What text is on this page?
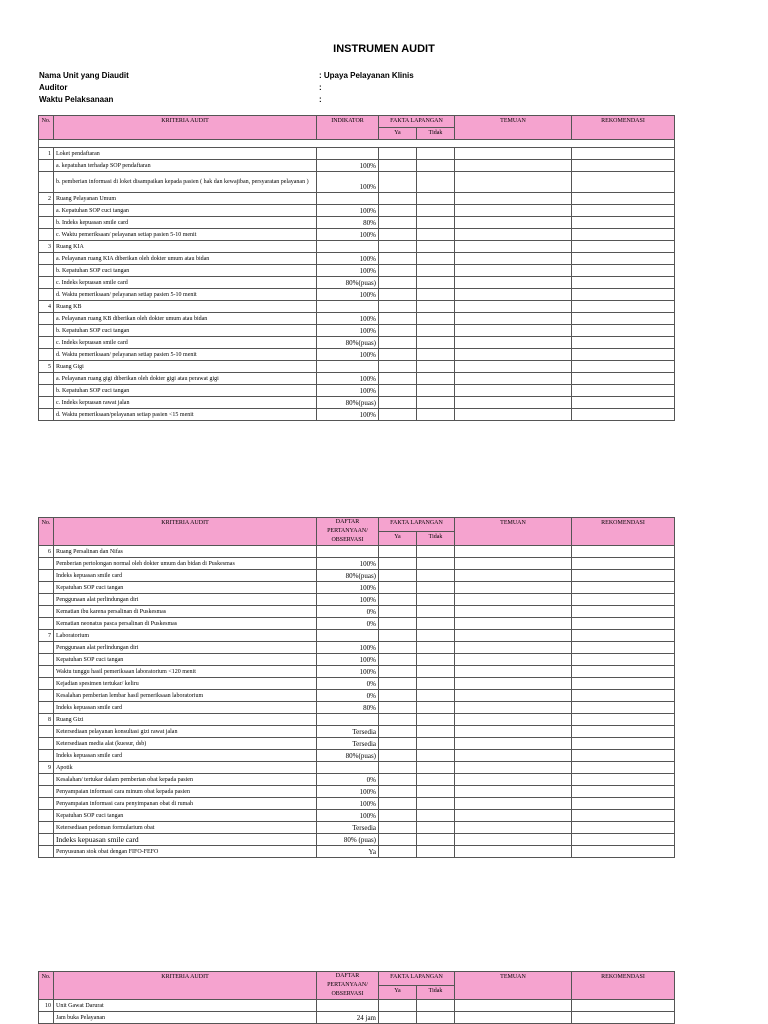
INSTRUMEN AUDIT
Nama Unit yang Diaudit	: Upaya Pelayanan Klinis
Auditor	:
Waktu Pelaksanaan	:
No.	KRITERIA AUDIT	INDIKATOR	FAKTA LAPANGAN		TEMUAN	REKOMENDASI
			Ya	Tidak		

1	Loket pendaftaran					
	a. kepatuhan terhadap SOP pendaftaran	100%				
	b. pemberian informasi di loket disampaikan kepada pasien ( hak dan kewajiban, persyaratan pelayanan )	100%				
2	Ruang Pelayanan Umum					
	a. Kepatuhan SOP cuci tangan	100%				
	b. Indeks kepuasan smile card	80%				
	c. Waktu pemeriksaan/ pelayanan setiap pasien 5-10 menit	100%				
3	Ruang KIA					
	a. Pelayanan ruang KIA diberikan oleh dokter umum atau bidan	100%				
	b. Kepatuhan SOP cuci tangan	100%				
	c. Indeks kepuasan smile card	80%(puas)				
	d. Waktu pemeriksaan/ pelayanan setiap pasien 5-10 menit	100%				
4	Ruang KB					
	a. Pelayanan ruang KB diberikan oleh dokter umum atau bidan	100%				
	b. Kepatuhan SOP cuci tangan	100%				
	c. Indeks kepuasan smile card	80%(puas)				
	d. Waktu pemeriksaan/ pelayanan setiap pasien 5-10 menit	100%				
5	Ruang Gigi					
	a. Pelayanan ruang gigi diberikan oleh dokter gigi atau perawat gigi	100%				
	b. Kepatuhan SOP cuci tangan	100%				
	c. Indeks kepuasan rawat jalan	80%(puas)				
	d. Waktu pemeriksaan/pelayanan setiap pasien <15 menit	100%				
No.	KRITERIA AUDIT	DAFTAR PERTANYAAN/ OBSERVASI	FAKTA LAPANGAN		TEMUAN	REKOMENDASI
			Ya	Tidak		
6	Ruang Persalinan dan Nifas					
	Pemberian pertolongan normal oleh dokter umum dan bidan di Puskesmas	100%				
	Indeks kepuasan smile card	80%(puas)				
	Kepatuhan SOP cuci tangan	100%				
	Penggunaan alat perlindungan diri	100%				
	Kematian ibu karena persalinan di Puskesmas	0%				
	Kematian neonatus pasca persalinan di Puskesmas	0%				
7	Laboratorium					
	Penggunaan alat perlindungan diri	100%				
	Kepatuhan SOP cuci tangan	100%				
	Waktu tunggu hasil pemeriksaan laboratorium <120 menit	100%				
	Kejadian spesimen tertukar/ keliru	0%				
	Kesalahan pemberian lembar hasil pemeriksaan laboratorium	0%				
	Indeks kepuasan smile card	80%				
8	Ruang Gizi					
	Ketersediaan pelayanan konsultasi gizi rawat jalan	Tersedia				
	Ketersediaan media alat (kuesur, dsb)	Tersedia				
	Indeks kepuasan smile card	80%(puas)				
9	Apotik					
	Kesalahan/ tertukar dalam pemberian obat kepada pasien	0%				
	Penyampaian informasi cara minum obat kepada pasien	100%				
	Penyampaian informasi cara penyimpanan obat di rumah	100%				
	Kepatuhan SOP cuci tangan	100%				
	Ketersediaan pedoman formularium obat	Tersedia				
	Indeks kepuasan smile card	80% (puas)				
	Penyusunan stok obat dengan FIFO-FEFO	Ya				
No.	KRITERIA AUDIT	DAFTAR PERTANYAAN/ OBSERVASI	FAKTA LAPANGAN		TEMUAN	REKOMENDASI
			Ya	Tidak		
10	Unit Gawat Darurat					
	Jam buka Pelayanan	24 jam				
